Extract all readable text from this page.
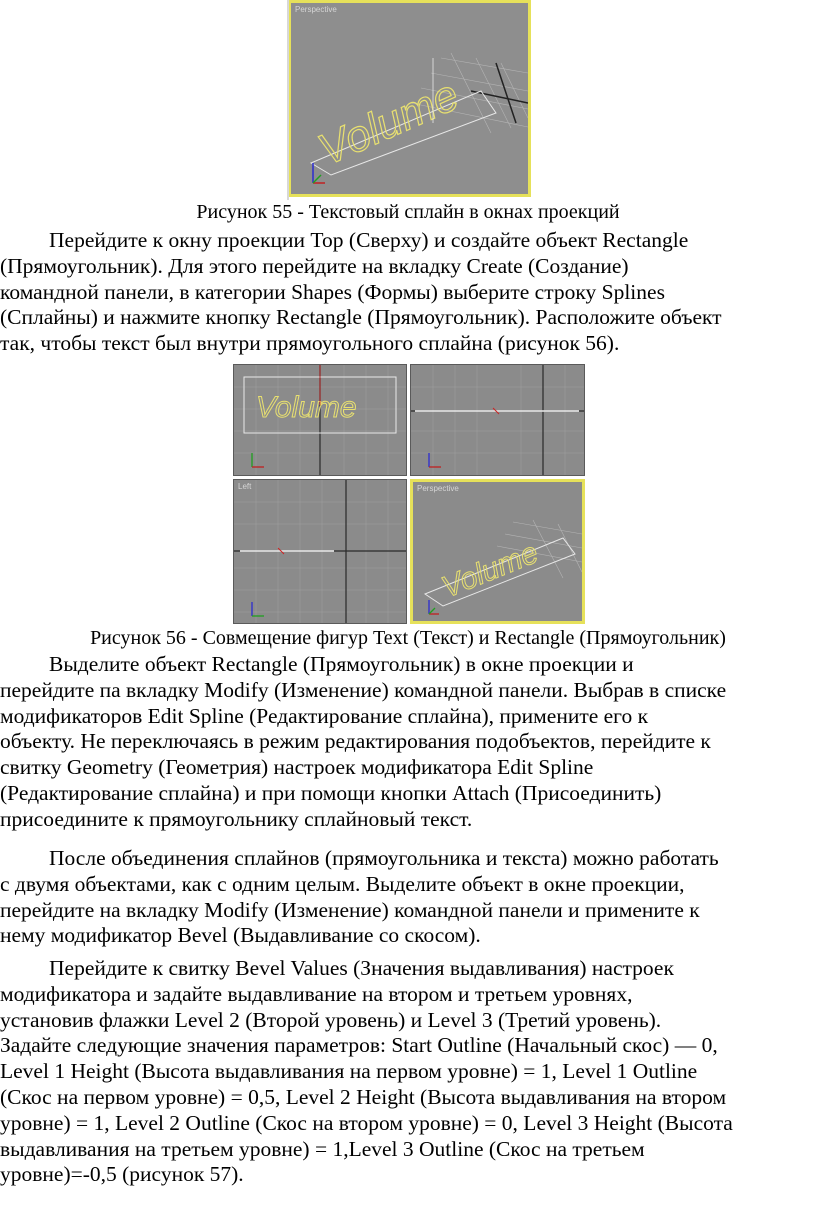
Perspective
Volume
Рисунок 55 - Текстовый сплайн в окнах проекций

Перейдите к окну проекции Top (Сверху) и создайте объект Rectangle

(Прямоугольник). Для этого перейдите на вкладку Create (Создание)

командной панели, в категории Shapes (Формы) выберите строку Splines

(Сплайны) и нажмите кнопку Rectangle (Прямоугольник). Расположите объект

так, чтобы текст был внутри прямоугольного сплайна (рисунок 56).

Volume
Left
Volume
Perspective
Рисунок 56 - Совмещение фигур Text (Текст) и Rectangle (Прямоугольник)

Выделите объект Rectangle (Прямоугольник) в окне проекции и

перейдите па вкладку Modify (Изменение) командной панели. Выбрав в списке

модификаторов Edit Spline (Редактирование сплайна), примените его к

объекту. Не переключаясь в режим редактирования подобъектов, перейдите к

свитку Geometry (Геометрия) настроек модификатора Edit Spline

(Редактирование сплайна) и при помощи кнопки Attach (Присоединить)

присоедините к прямоугольнику сплайновый текст.

После объединения сплайнов (прямоугольника и текста) можно работать

с двумя объектами, как с одним целым. Выделите объект в окне проекции,

перейдите на вкладку Modify (Изменение) командной панели и примените к

нему модификатор Bevel (Выдавливание со скосом).

Перейдите к свитку Bevel Values (Значения выдавливания) настроек

модификатора и задайте выдавливание на втором и третьем уровнях,

установив флажки Level 2 (Второй уровень) и Level 3 (Третий уровень).

Задайте следующие значения параметров: Start Outline (Начальный скос) — 0,

Level 1 Height (Высота выдавливания на первом уровне) = 1, Level 1 Outline

(Скос на первом уровне) = 0,5, Level 2 Height (Высота выдавливания на втором

уровне) = 1, Level 2 Outline (Скос на втором уровне) = 0, Level 3 Height (Высота

выдавливания на третьем уровне) = 1,Level 3 Outline (Скос на третьем

уровне)=-0,5 (рисунок 57).
